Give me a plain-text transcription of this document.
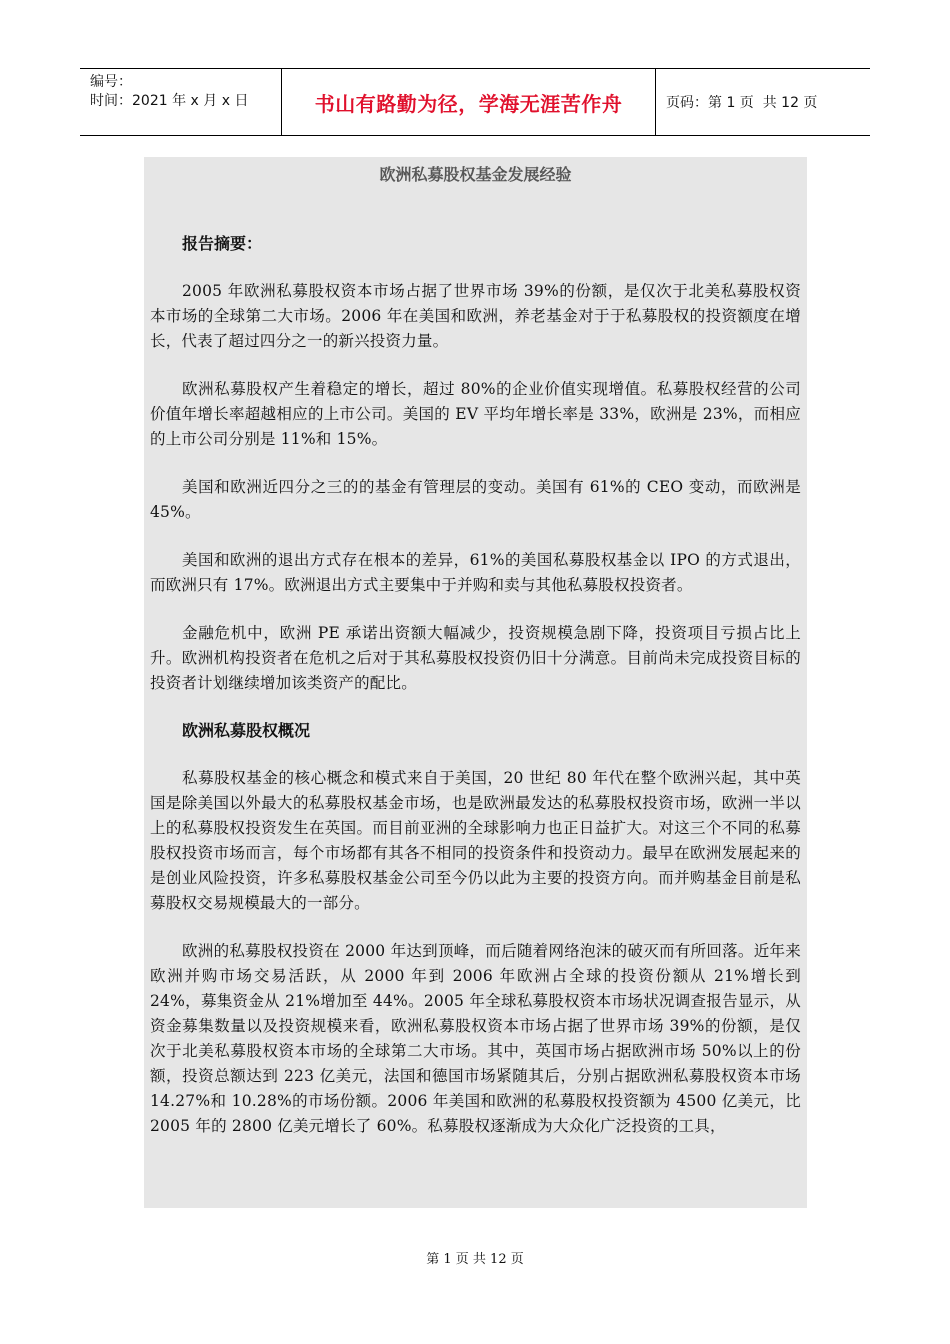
编号：
时间：2021 年 x 月 x 日	书山有路勤为径，学海无涯苦作舟	页码：第 1 页  共 12 页
欧洲私募股权基金发展经验
报告摘要：

2005 年欧洲私募股权资本市场占据了世界市场 39%的份额，是仅次于北美私募股权资本市场的全球第二大市场。2006 年在美国和欧洲，养老基金对于于私募股权的投资额度在增长，代表了超过四分之一的新兴投资力量。

欧洲私募股权产生着稳定的增长，超过 80%的企业价值实现增值。私募股权经营的公司价值年增长率超越相应的上市公司。美国的 EV 平均年增长率是 33%，欧洲是 23%，而相应的上市公司分别是 11%和 15%。

美国和欧洲近四分之三的的基金有管理层的变动。美国有 61%的 CEO 变动，而欧洲是 45%。

美国和欧洲的退出方式存在根本的差异，61%的美国私募股权基金以 IPO 的方式退出，而欧洲只有 17%。欧洲退出方式主要集中于并购和卖与其他私募股权投资者。

金融危机中，欧洲 PE 承诺出资额大幅减少，投资规模急剧下降，投资项目亏损占比上升。欧洲机构投资者在危机之后对于其私募股权投资仍旧十分满意。目前尚未完成投资目标的投资者计划继续增加该类资产的配比。

欧洲私募股权概况

私募股权基金的核心概念和模式来自于美国，20 世纪 80 年代在整个欧洲兴起，其中英国是除美国以外最大的私募股权基金市场，也是欧洲最发达的私募股权投资市场，欧洲一半以上的私募股权投资发生在英国。而目前亚洲的全球影响力也正日益扩大。对这三个不同的私募股权投资市场而言，每个市场都有其各不相同的投资条件和投资动力。最早在欧洲发展起来的是创业风险投资，许多私募股权基金公司至今仍以此为主要的投资方向。而并购基金目前是私募股权交易规模最大的一部分。

欧洲的私募股权投资在 2000 年达到顶峰，而后随着网络泡沫的破灭而有所回落。近年来欧洲并购市场交易活跃，从 2000 年到 2006 年欧洲占全球的投资份额从 21%增长到 24%，募集资金从 21%增加至 44%。2005 年全球私募股权资本市场状况调查报告显示，从资金募集数量以及投资规模来看，欧洲私募股权资本市场占据了世界市场 39%的份额，是仅次于北美私募股权资本市场的全球第二大市场。其中，英国市场占据欧洲市场 50%以上的份额，投资总额达到 223 亿美元，法国和德国市场紧随其后，分别占据欧洲私募股权资本市场 14.27%和 10.28%的市场份额。2006 年美国和欧洲的私募股权投资额为 4500 亿美元，比 2005 年的 2800 亿美元增长了 60%。私募股权逐渐成为大众化广泛投资的工具，

第 1 页 共 12 页
